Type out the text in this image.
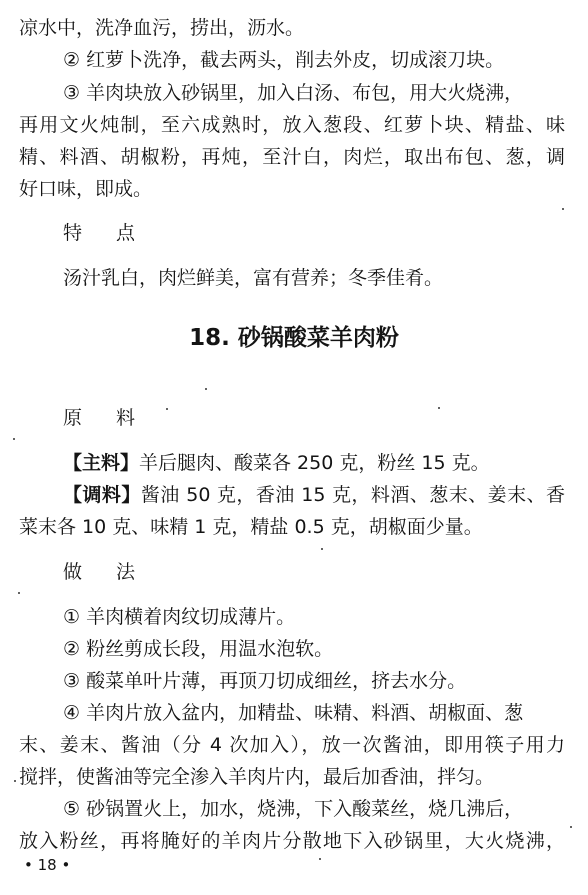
凉水中，洗净血污，捞出，沥水。
② 红萝卜洗净，截去两头，削去外皮，切成滚刀块。
③ 羊肉块放入砂锅里，加入白汤、布包，用大火烧沸，
再用文火炖制，至六成熟时，放入葱段、红萝卜块、精盐、味
精、料酒、胡椒粉，再炖，至汁白，肉烂，取出布包、葱，调
好口味，即成。
特 点
汤汁乳白，肉烂鲜美，富有营养；冬季佳肴。
18. 砂锅酸菜羊肉粉
原 料
【主料】羊后腿肉、酸菜各 250 克，粉丝 15 克。
【调料】酱油 50 克，香油 15 克，料酒、葱末、姜末、香
菜末各 10 克、味精 1 克，精盐 0.5 克，胡椒面少量。
做 法
① 羊肉横着肉纹切成薄片。
② 粉丝剪成长段，用温水泡软。
③ 酸菜单叶片薄，再顶刀切成细丝，挤去水分。
④ 羊肉片放入盆内，加精盐、味精、料酒、胡椒面、葱
末、姜末、酱油（分 4 次加入），放一次酱油，即用筷子用力
搅拌，使酱油等完全渗入羊肉片内，最后加香油，拌匀。
⑤ 砂锅置火上，加水，烧沸，下入酸菜丝，烧几沸后，
放入粉丝，再将腌好的羊肉片分散地下入砂锅里，大火烧沸，
• 18 •
